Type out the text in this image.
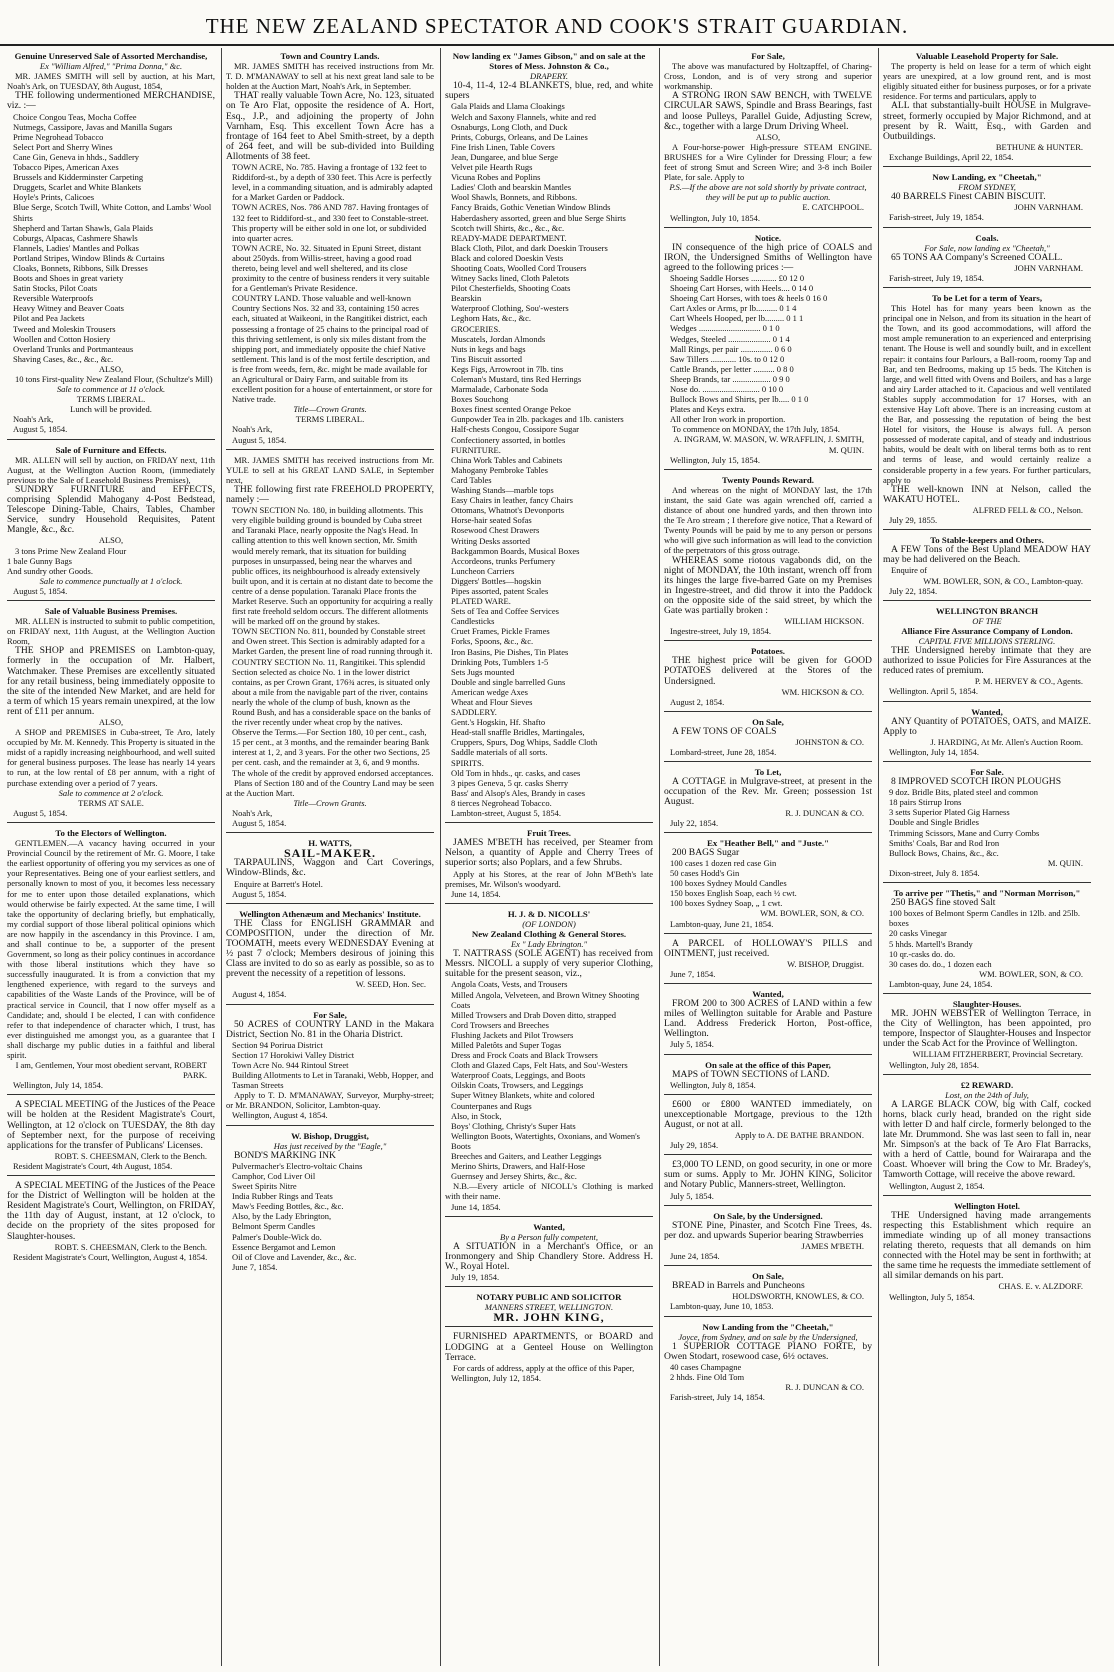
THE NEW ZEALAND SPECTATOR AND COOK'S STRAIT GUARDIAN.
Genuine Unreserved Sale of Assorted Merchandise,
Ex "William Alfred," "Prima Donna," &c.
MR. JAMES SMITH will sell by auction, at his Mart, Noah's Ark, on TUESDAY, 8th August, 1854,
THE following undermentioned MERCHANDISE, viz. :—
Choice Congou Teas, Mocha Coffee
Nutmegs, Cassipore, Javas and Manilla Sugars
Prime Negrohead Tobacco
Select Port and Sherry Wines
Cane Gin, Geneva in hhds., Saddlery
Tobacco Pipes, American Axes
Brussels and Kidderminster Carpeting
Druggets, Scarlet and White Blankets
Hoyle's Prints, Calicoes
Blue Serge, Scotch Twill, White Cotton, and Lambs' Wool Shirts
Shepherd and Tartan Shawls, Gala Plaids
Coburgs, Alpacas, Cashmere Shawls
Flannels, Ladies' Mantles and Polkas
Portland Stripes, Window Blinds & Curtains
Cloaks, Bonnets, Ribbons, Silk Dresses
Boots and Shoes in great variety
Satin Stocks, Pilot Coats
Reversible Waterproofs
Heavy Witney and Beaver Coats
Pilot and Pea Jackets
Tweed and Moleskin Trousers
Woollen and Cotton Hosiery
Overland Trunks and Portmanteaus
Shaving Cases, &c., &c., &c.
ALSO,
10 tons First-quality New Zealand Flour, (Schultze's Mill)
Sale to commence at 11 o'clock.
TERMS LIBERAL.
Lunch will be provided.
Noah's Ark,
August 5, 1854.
Sale of Furniture and Effects.
MR. ALLEN will sell by auction, on FRIDAY next, 11th August, at the Wellington Auction Room, (immediately previous to the Sale of Leasehold Business Premises),
SUNDRY FURNITURE and EFFECTS, comprising Splendid Mahogany 4-Post Bedstead, Telescope Dining-Table, Chairs, Tables, Chamber Service, sundry Household Requisites, Patent Mangle, &c., &c.
ALSO,
3 tons Prime New Zealand Flour
1 bale Gunny Bags
And sundry other Goods.
Sale to commence punctually at 1 o'clock.
August 5, 1854.
Sale of Valuable Business Premises.
MR. ALLEN is instructed to submit to public competition, on FRIDAY next, 11th August, at the Wellington Auction Room,
THE SHOP and PREMISES on Lambton-quay, formerly in the occupation of Mr. Halbert, Watchmaker. These Premises are excellently situated for any retail business, being immediately opposite to the site of the intended New Market, and are held for a term of which 15 years remain unexpired, at the low rent of £11 per annum.
ALSO,
A SHOP and PREMISES in Cuba-street, Te Aro, lately occupied by Mr. M. Kennedy. This Property is situated in the midst of a rapidly increasing neighbourhood, and well suited for general business purposes. The lease has nearly 14 years to run, at the low rental of £8 per annum, with a right of purchase extending over a period of 7 years.
Sale to commence at 2 o'clock.
TERMS AT SALE.
August 5, 1854.
To the Electors of Wellington.
GENTLEMEN.—A vacancy having occurred in your Provincial Council by the retirement of Mr. G. Moore, I take the earliest opportunity of offering you my services as one of your Representatives. Being one of your earliest settlers, and personally known to most of you, it becomes less necessary for me to enter upon those detailed explanations, which would otherwise be fairly expected. At the same time, I will take the opportunity of declaring briefly, but emphatically, my cordial support of those liberal political opinions which are now happily in the ascendancy in this Province. I am, and shall continue to be, a supporter of the present Government, so long as their policy continues in accordance with those liberal institutions which they have so successfully inaugurated. It is from a conviction that my lengthened experience, with regard to the surveys and capabilities of the Waste Lands of the Province, will be of practical service in Council, that I now offer myself as a Candidate; and, should I be elected, I can with confidence refer to that independence of character which, I trust, has ever distinguished me amongst you, as a guarantee that I shall discharge my public duties in a faithful and liberal spirit.
I am, Gentlemen, Your most obedient servant, ROBERT PARK.
Wellington, July 14, 1854.
A SPECIAL MEETING of the Justices of the Peace will be holden at the Resident Magistrate's Court, Wellington, at 12 o'clock on TUESDAY, the 8th day of September next, for the purpose of receiving applications for the transfer of Publicans' Licenses.
ROBT. S. CHEESMAN, Clerk to the Bench.
Resident Magistrate's Court, 4th August, 1854.
A SPECIAL MEETING of the Justices of the Peace for the District of Wellington will be holden at the Resident Magistrate's Court, Wellington, on FRIDAY, the 11th day of August, instant, at 12 o'clock, to decide on the propriety of the sites proposed for Slaughter-houses.
ROBT. S. CHEESMAN, Clerk to the Bench.
Resident Magistrate's Court, Wellington, August 4, 1854.
Town and Country Lands.
MR. JAMES SMITH has received instructions from Mr. T. D. M'MANAWAY to sell at his next great land sale to be holden at the Auction Mart, Noah's Ark, in September.
THAT really valuable Town Acre, No. 123, situated on Te Aro Flat, opposite the residence of A. Hort, Esq., J.P., and adjoining the property of John Varnham, Esq. This excellent Town Acre has a frontage of 164 feet to Abel Smith-street, by a depth of 264 feet, and will be sub-divided into Building Allotments of 38 feet.
TOWN ACRE, No. 785. Having a frontage of 132 feet to Riddiford-st., by a depth of 330 feet. This Acre is perfectly level, in a commanding situation, and is admirably adapted for a Market Garden or Paddock.
TOWN ACRES, Nos. 786 AND 787. Having frontages of 132 feet to Riddiford-st., and 330 feet to Constable-street. This property will be either sold in one lot, or subdivided into quarter acres.
TOWN ACRE, No. 32. Situated in Epuni Street, distant about 250yds. from Willis-street, having a good road thereto, being level and well sheltered, and its close proximity to the centre of business renders it very suitable for a Gentleman's Private Residence.
COUNTRY LAND. Those valuable and well-known Country Sections Nos. 32 and 33, containing 150 acres each, situated at Waikeoni, in the Rangitikei district, each possessing a frontage of 25 chains to the principal road of this thriving settlement, is only six miles distant from the shipping port, and immediately opposite the chief Native settlement. This land is of the most fertile description, and is free from weeds, fern, &c. might be made available for an Agricultural or Dairy Farm, and suitable from its excellent position for a house of entertainment, or store for Native trade.
Title—Crown Grants.
TERMS LIBERAL.
Noah's Ark,
August 5, 1854.
MR. JAMES SMITH has received instructions from Mr. YULE to sell at his GREAT LAND SALE, in September next,
THE following first rate FREEHOLD PROPERTY, namely :—
TOWN SECTION No. 180, in building allotments. This very eligible building ground is bounded by Cuba street and Taranaki Place, nearly opposite the Nag's Head. In calling attention to this well known section, Mr. Smith would merely remark, that its situation for building purposes in unsurpassed, being near the wharves and public offices, its neighbourhood is already extensively built upon, and it is certain at no distant date to become the centre of a dense population. Taranaki Place fronts the Market Reserve. Such an opportunity for acquiring a really first rate freehold seldom occurs. The different allotments will be marked off on the ground by stakes.
TOWN SECTION No. 811, bounded by Constable street and Owen street. This Section is admirably adapted for a Market Garden, the present line of road running through it.
COUNTRY SECTION No. 11, Rangitikei. This splendid Section selected as choice No. 1 in the lower district contains, as per Crown Grant, 176¾ acres, is situated only about a mile from the navigable part of the river, contains nearly the whole of the clump of bush, known as the Round Bush, and has a considerable space on the banks of the river recently under wheat crop by the natives.
Observe the Terms.—For Section 180, 10 per cent., cash, 15 per cent., at 3 months, and the remainder bearing Bank interest at 1, 2, and 3 years. For the other two Sections, 25 per cent. cash, and the remainder at 3, 6, and 9 months. The whole of the credit by approved endorsed acceptances.
Plans of Section 180 and of the Country Land may be seen at the Auction Mart.
Title—Crown Grants.
Noah's Ark,
August 5, 1854.
H. WATTS,
SAIL-MAKER.
TARPAULINS, Waggon and Cart Coverings, Window-Blinds, &c.
Enquire at Barrett's Hotel.
August 5, 1854.
Wellington Athenæum and Mechanics' Institute.
THE Class for ENGLISH GRAMMAR and COMPOSITION, under the direction of Mr. TOOMATH, meets every WEDNESDAY Evening at ½ past 7 o'clock; Members desirous of joining this Class are invited to do so as early as possible, so as to prevent the necessity of a repetition of lessons.
W. SEED, Hon. Sec.
August 4, 1854.
For Sale,
50 ACRES of COUNTRY LAND in the Makara District, Section No. 81 in the Oharia District.
Section 94 Porirua District
Section 17 Horokiwi Valley District
Town Acre No. 944 Rintoul Street
Building Allotments to Let in Taranaki, Webb, Hopper, and Tasman Streets
Apply to T. D. M'MANAWAY, Surveyor, Murphy-street; or Mr. BRANDON, Solicitor, Lambton-quay.
Wellington, August 4, 1854.
W. Bishop, Druggist,
Has just received by the "Eagle,"
BOND'S MARKING INK
Pulvermacher's Electro-voltaic Chains
Camphor, Cod Liver Oil
Sweet Spirits Nitre
India Rubber Rings and Teats
Maw's Feeding Bottles, &c., &c.
Also, by the Lady Ebrington,
Belmont Sperm Candles
Palmer's Double-Wick do.
Essence Bergamot and Lemon
Oil of Clove and Lavender, &c., &c.
June 7, 1854.
Now landing ex "James Gibson," and on sale at the Stores of Mess. Johnston & Co.,
DRAPERY.
10-4, 11-4, 12-4 BLANKETS, blue, red, and white supers
Gala Plaids and Llama Cloakings
Welch and Saxony Flannels, white and red
Osnaburgs, Long Cloth, and Duck
Prints, Coburgs, Orleans, and De Laines
Fine Irish Linen, Table Covers
Jean, Dungaree, and blue Serge
Velvet pile Hearth Rugs
Vicuna Robes and Poplins
Ladies' Cloth and bearskin Mantles
Wool Shawls, Bonnets, and Ribbons.
Fancy Braids, Gothic Venetian Window Blinds
Haberdashery assorted, green and blue Serge Shirts
Scotch twill Shirts, &c., &c., &c.
READY-MADE DEPARTMENT.
Black Cloth, Pilot, and dark Doeskin Trousers
Black and colored Doeskin Vests
Shooting Coats, Woolled Cord Trousers
Witney Sacks lined, Cloth Paletots
Pilot Chesterfields, Shooting Coats
Bearskin
Waterproof Clothing, Sou'-westers
Leghorn Hats, &c., &c.
GROCERIES.
Muscatels, Jordan Almonds
Nuts in kegs and bags
Tins Biscuit assorted
Kegs Figs, Arrowroot in 7lb. tins
Coleman's Mustard, tins Red Herrings
Marmalade, Carbonate Soda
Boxes Souchong
Boxes finest scented Orange Pekoe
Gunpowder Tea in 2lb. packages and 1lb. canisters
Half-chests Congou, Cossipore Sugar
Confectionery assorted, in bottles
FURNITURE.
China Work Tables and Cabinets
Mahogany Pembroke Tables
Card Tables
Washing Stands—marble tops
Easy Chairs in leather, fancy Chairs
Ottomans, Whatnot's Devonports
Horse-hair seated Sofas
Rosewood Chest Drawers
Writing Desks assorted
Backgammon Boards, Musical Boxes
Accordeons, trunks Perfumery
Luncheon Carriers
Diggers' Bottles—hogskin
Pipes assorted, patent Scales
PLATED WARE.
Sets of Tea and Coffee Services
Candlesticks
Cruet Frames, Pickle Frames
Forks, Spoons, &c., &c.
Iron Basins, Pie Dishes, Tin Plates
Drinking Pots, Tumblers 1-5
Sets Jugs mounted
Double and single barrelled Guns
American wedge Axes
Wheat and Flour Sieves
SADDLERY.
Gent.'s Hogskin, Hf. Shafto
Head-stall snaffle Bridles, Martingales,
Cruppers, Spurs, Dog Whips, Saddle Cloth
Saddle materials of all sorts.
SPIRITS.
Old Tom in hhds., qr. casks, and cases
3 pipes Geneva, 5 qr. casks Sherry
Bass' and Alsop's Ales, Brandy in cases
8 tierces Negrohead Tobacco.
Lambton-street, August 5, 1854.
Fruit Trees.
JAMES M'BETH has received, per Steamer from Nelson, a quantity of Apple and Cherry Trees of superior sorts; also Poplars, and a few Shrubs.
Apply at his Stores, at the rear of John M'Beth's late premises, Mr. Wilson's woodyard.
June 14, 1854.
H. J. & D. NICOLLS'
(OF LONDON)
New Zealand Clothing & General Stores.
Ex " Lady Ebrington."
T. NATTRASS (SOLE AGENT) has received from Messrs. NICOLL a supply of very superior Clothing, suitable for the present season, viz.,
Angola Coats, Vests, and Trousers
Milled Angola, Velveteen, and Brown Witney Shooting Coats
Milled Trowsers and Drab Doven ditto, strapped
Cord Trowsers and Breeches
Flushing Jackets and Pilot Trowsers
Milled Paletôts and Super Togas
Dress and Frock Coats and Black Trowsers
Cloth and Glazed Caps, Felt Hats, and Sou'-Westers
Waterproof Coats, Leggings, and Boots
Oilskin Coats, Trowsers, and Leggings
Super Witney Blankets, white and colored
Counterpanes and Rugs
Also, in Stock,
Boys' Clothing, Christy's Super Hats
Wellington Boots, Watertights, Oxonians, and Women's Boots
Breeches and Gaiters, and Leather Leggings
Merino Shirts, Drawers, and Half-Hose
Guernsey and Jersey Shirts, &c., &c.
N.B.—Every article of NICOLL's Clothing is marked with their name.
June 14, 1854.
Wanted,
By a Person fully competent,
A SITUATION in a Merchant's Office, or an Ironmongery and Ship Chandlery Store. Address H. W., Royal Hotel.
July 19, 1854.
NOTARY PUBLIC AND SOLICITOR
MANNERS STREET, WELLINGTON.
MR. JOHN KING,
FURNISHED APARTMENTS, or BOARD and LODGING at a Genteel House on Wellington Terrace.
For cards of address, apply at the office of this Paper,
Wellington, July 12, 1854.
For Sale,
The above was manufactured by Holtzapffel, of Charing-Cross, London, and is of very strong and superior workmanship.
A STRONG IRON SAW BENCH, with TWELVE CIRCULAR SAWS, Spindle and Brass Bearings, fast and loose Pulleys, Parallel Guide, Adjusting Screw, &c., together with a large Drum Driving Wheel.
ALSO,
A Four-horse-power High-pressure STEAM ENGINE. BRUSHES for a Wire Cylinder for Dressing Flour; a few feet of strong Smut and Screen Wire; and 3-8 inch Boiler Plate, for sale. Apply to
P.S.—If the above are not sold shortly by private contract, they will be put up to public auction.
E. CATCHPOOL.
Wellington, July 10, 1854.
Notice.
IN consequence of the high price of COALS and IRON, the Undersigned Smiths of Wellington have agreed to the following prices :—
Shoeing Saddle Horses ............ £0 12 0
Shoeing Cart Horses, with Heels.... 0 14 0
Shoeing Cart Horses, with toes & heels 0 16 0
Cart Axles or Arms, pr lb.......... 0 1 4
Cart Wheels Hooped, per lb......... 0 1 1
Wedges ............................. 0 1 0
Wedges, Steeled .................... 0 1 4
Mall Rings, per pair ............... 0 6 0
Saw Tillers ............ 10s. to 0 12 0
Cattle Brands, per letter .......... 0 8 0
Sheep Brands, tar .................. 0 9 0
Nose do. ........................... 0 10 0
Bullock Bows and Shirts, per lb..... 0 1 0
Plates and Keys extra.
All other Iron work in proportion.
To commence on MONDAY, the 17th July, 1854.
A. INGRAM, W. MASON, W. WRAFFLIN, J. SMITH, M. QUIN.
Wellington, July 15, 1854.
Twenty Pounds Reward.
And whereas on the night of MONDAY last, the 17th instant, the said Gate was again wrenched off, carried a distance of about one hundred yards, and then thrown into the Te Aro stream ; I therefore give notice, That a Reward of Twenty Pounds will be paid by me to any person or persons who will give such information as will lead to the conviction of the perpetrators of this gross outrage.
WHEREAS some riotous vagabonds did, on the night of MONDAY, the 10th instant, wrench off from its hinges the large five-barred Gate on my Premises in Ingestre-street, and did throw it into the Paddock on the opposite side of the said street, by which the Gate was partially broken :
WILLIAM HICKSON.
Ingestre-street, July 19, 1854.
Potatoes.
THE highest price will be given for GOOD POTATOES delivered at the Stores of the Undersigned.
WM. HICKSON & CO.
August 2, 1854.
On Sale,
A FEW TONS OF COALS
JOHNSTON & CO.
Lombard-street, June 28, 1854.
To Let,
A COTTAGE in Mulgrave-street, at present in the occupation of the Rev. Mr. Green; possession 1st August.
R. J. DUNCAN & CO.
July 22, 1854.
Ex "Heather Bell," and "Juste."
200 BAGS Sugar
100 cases 1 dozen red case Gin
50 cases Hodd's Gin
100 boxes Sydney Mould Candles
150 boxes English Soap, each ½ cwt.
100 boxes Sydney Soap, „ 1 cwt.
WM. BOWLER, SON, & CO.
Lambton-quay, June 21, 1854.
A PARCEL of HOLLOWAY'S PILLS and OINTMENT, just received.
W. BISHOP, Druggist.
June 7, 1854.
Wanted,
FROM 200 to 300 ACRES of LAND within a few miles of Wellington suitable for Arable and Pasture Land. Address Frederick Horton, Post-office, Wellington.
July 5, 1854.
On sale at the office of this Paper,
MAPS of TOWN SECTIONS of LAND.
Wellington, July 8, 1854.
£600 or £800 WANTED immediately, on unexceptionable Mortgage, previous to the 12th August, or not at all.
Apply to A. DE BATHE BRANDON.
July 29, 1854.
£3,000 TO LEND, on good security, in one or more sum or sums. Apply to Mr. JOHN KING, Solicitor and Notary Public, Manners-street, Wellington.
July 5, 1854.
On Sale, by the Undersigned.
STONE Pine, Pinaster, and Scotch Fine Trees, 4s. per doz. and upwards Superior bearing Strawberries
JAMES M'BETH.
June 24, 1854.
On Sale,
BREAD in Barrels and Puncheons
HOLDSWORTH, KNOWLES, & CO.
Lambton-quay, June 10, 1853.
Now Landing from the "Cheetah,"
Joyce, from Sydney, and on sale by the Undersigned,
1 SUPERIOR COTTAGE PIANO FORTE, by Owen Stodart, rosewood case, 6½ octaves.
40 cases Champagne
2 hhds. Fine Old Tom
R. J. DUNCAN & CO.
Farish-street, July 14, 1854.
Valuable Leasehold Property for Sale.
The property is held on lease for a term of which eight years are unexpired, at a low ground rent, and is most eligibly situated either for business purposes, or for a private residence. For terms and particulars, apply to
ALL that substantially-built HOUSE in Mulgrave-street, formerly occupied by Major Richmond, and at present by R. Waitt, Esq., with Garden and Outbuildings.
BETHUNE & HUNTER.
Exchange Buildings, April 22, 1854.
Now Landing, ex "Cheetah,"
FROM SYDNEY,
40 BARRELS Finest CABIN BISCUIT.
JOHN VARNHAM.
Farish-street, July 19, 1854.
Coals.
For Sale, now landing ex "Cheetah,"
65 TONS AA Company's Screened COALL.
JOHN VARNHAM.
Farish-street, July 19, 1854.
To be Let for a term of Years,
This Hotel has for many years been known as the principal one in Nelson, and from its situation in the heart of the Town, and its good accommodations, will afford the most ample remuneration to an experienced and enterprising tenant. The House is well and soundly built, and in excellent repair: it contains four Parlours, a Ball-room, roomy Tap and Bar, and ten Bedrooms, making up 15 beds. The Kitchen is large, and well fitted with Ovens and Boilers, and has a large and airy Larder attached to it. Capacious and well ventilated Stables supply accommodation for 17 Horses, with an extensive Hay Loft above. There is an increasing custom at the Bar, and possessing the reputation of being the best Hotel for visitors, the House is always full. A person possessed of moderate capital, and of steady and industrious habits, would be dealt with on liberal terms both as to rent and terms of lease, and would certainly realize a considerable property in a few years. For further particulars, apply to
THE well-known INN at Nelson, called the WAKATU HOTEL.
ALFRED FELL & CO., Nelson.
July 29, 1855.
To Stable-keepers and Others.
A FEW Tons of the Best Upland MEADOW HAY may be had delivered on the Beach.
Enquire of
WM. BOWLER, SON, & CO., Lambton-quay.
July 22, 1854.
WELLINGTON BRANCH
OF THE
Alliance Fire Assurance Company of London.
CAPITAL FIVE MILLIONS STERLING.
THE Undersigned hereby intimate that they are authorized to issue Policies for Fire Assurances at the reduced rates of premium.
P. M. HERVEY & CO., Agents.
Wellington. April 5, 1854.
Wanted,
ANY Quantity of POTATOES, OATS, and MAIZE. Apply to
J. HARDING, At Mr. Allen's Auction Room.
Wellington, July 14, 1854.
For Sale.
8 IMPROVED SCOTCH IRON PLOUGHS
9 doz. Bridle Bits, plated steel and common
18 pairs Stirrup Irons
3 setts Superior Plated Gig Harness
Double and Single Bridles
Trimming Scissors, Mane and Curry Combs
Smiths' Coals, Bar and Rod Iron
Bullock Bows, Chains, &c., &c.
M. QUIN.
Dixon-street, July 8. 1854.
To arrive per "Thetis," and "Norman Morrison,"
250 BAGS fine stoved Salt
100 boxes of Belmont Sperm Candles in 12lb. and 25lb. boxes
20 casks Vinegar
5 hhds. Martell's Brandy
10 qr.-casks do. do.
30 cases do. do., 1 dozen each
WM. BOWLER, SON, & CO.
Lambton-quay, June 24, 1854.
Slaughter-Houses.
MR. JOHN WEBSTER of Wellington Terrace, in the City of Wellington, has been appointed, pro tempore, Inspector of Slaughter-Houses and Inspector under the Scab Act for the Province of Wellington.
WILLIAM FITZHERBERT, Provincial Secretary.
Wellington, July 28, 1854.
£2 REWARD.
Lost, on the 24th of July,
A LARGE BLACK COW, big with Calf, cocked horns, black curly head, branded on the right side with letter D and half circle, formerly belonged to the late Mr. Drummond. She was last seen to fall in, near Mr. Simpson's at the back of Te Aro Flat Barracks, with a herd of Cattle, bound for Wairarapa and the Coast. Whoever will bring the Cow to Mr. Bradey's, Tamworth Cottage, will receive the above reward.
Wellington, August 2, 1854.
Wellington Hotel.
THE Undersigned having made arrangements respecting this Establishment which require an immediate winding up of all money transactions relating thereto, requests that all demands on him connected with the Hotel may be sent in forthwith; at the same time he requests the immediate settlement of all similar demands on his part.
CHAS. E. v. ALZDORF.
Wellington, July 5, 1854.
